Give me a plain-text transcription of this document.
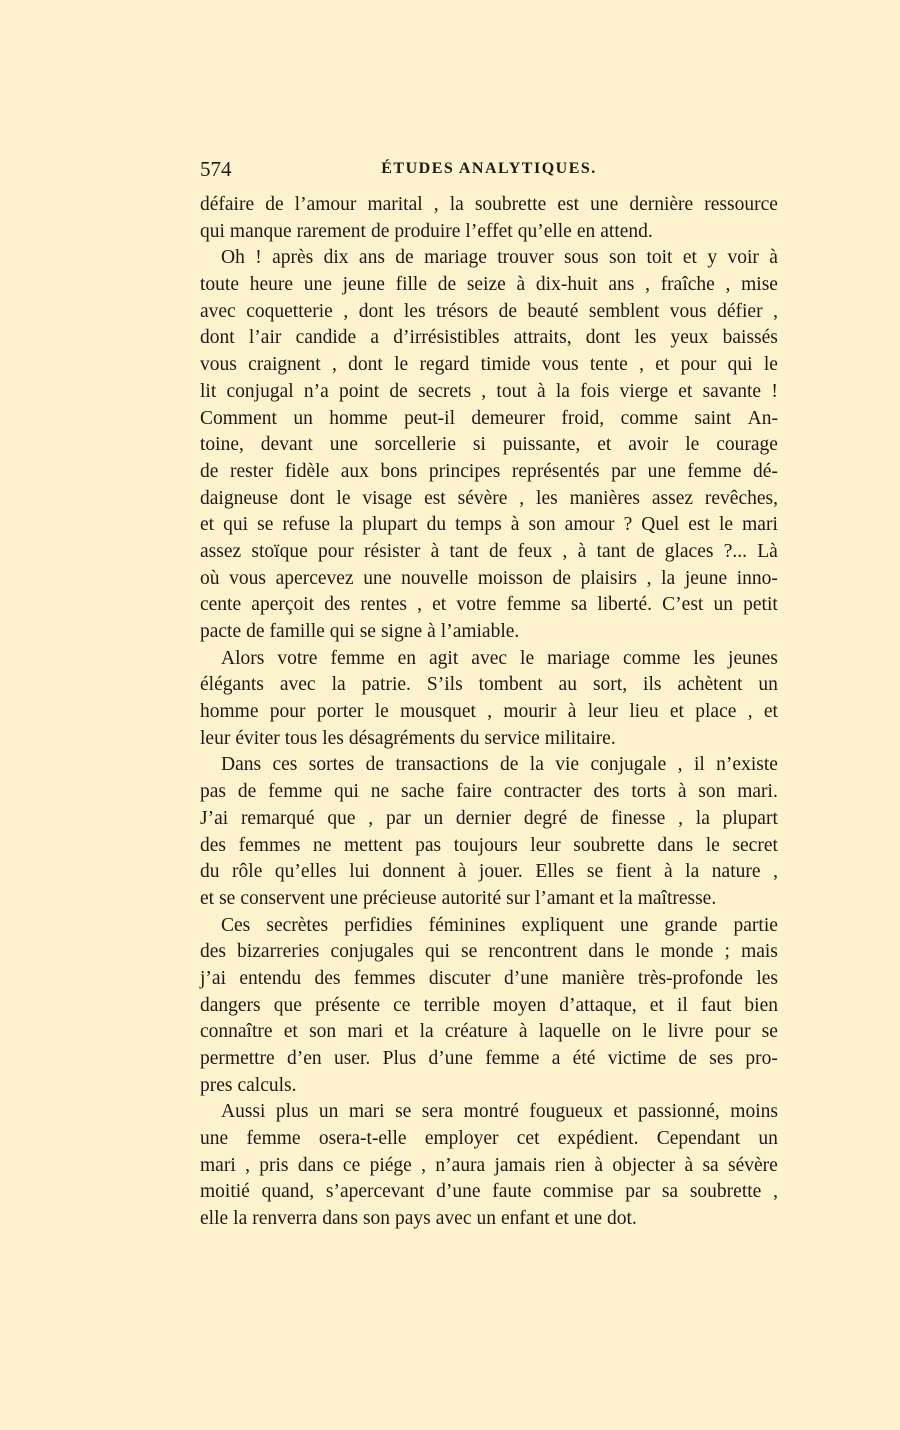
574	ÉTUDES ANALYTIQUES.
défaire de l’amour marital , la soubrette est une dernière ressource
qui manque rarement de produire l’effet qu’elle en attend.
Oh ! après dix ans de mariage trouver sous son toit et y voir à
toute heure une jeune fille de seize à dix-huit ans , fraîche , mise
avec coquetterie , dont les trésors de beauté semblent vous défier ,
dont l’air candide a d’irrésistibles attraits, dont les yeux baissés
vous craignent , dont le regard timide vous tente , et pour qui le
lit conjugal n’a point de secrets , tout à la fois vierge et savante !
Comment un homme peut-il demeurer froid, comme saint An-
toine, devant une sorcellerie si puissante, et avoir le courage
de rester fidèle aux bons principes représentés par une femme dé-
daigneuse dont le visage est sévère , les manières assez revêches,
et qui se refuse la plupart du temps à son amour ? Quel est le mari
assez stoïque pour résister à tant de feux , à tant de glaces ?... Là
où vous apercevez une nouvelle moisson de plaisirs , la jeune inno-
cente aperçoit des rentes , et votre femme sa liberté. C’est un petit
pacte de famille qui se signe à l’amiable.
Alors votre femme en agit avec le mariage comme les jeunes
élégants avec la patrie. S’ils tombent au sort, ils achètent un
homme pour porter le mousquet , mourir à leur lieu et place , et
leur éviter tous les désagréments du service militaire.
Dans ces sortes de transactions de la vie conjugale , il n’existe
pas de femme qui ne sache faire contracter des torts à son mari.
J’ai remarqué que , par un dernier degré de finesse , la plupart
des femmes ne mettent pas toujours leur soubrette dans le secret
du rôle qu’elles lui donnent à jouer. Elles se fient à la nature ,
et se conservent une précieuse autorité sur l’amant et la maîtresse.
Ces secrètes perfidies féminines expliquent une grande partie
des bizarreries conjugales qui se rencontrent dans le monde ; mais
j’ai entendu des femmes discuter d’une manière très-profonde les
dangers que présente ce terrible moyen d’attaque, et il faut bien
connaître et son mari et la créature à laquelle on le livre pour se
permettre d’en user. Plus d’une femme a été victime de ses pro-
pres calculs.
Aussi plus un mari se sera montré fougueux et passionné, moins
une femme osera-t-elle employer cet expédient. Cependant un
mari , pris dans ce piége , n’aura jamais rien à objecter à sa sévère
moitié quand, s’apercevant d’une faute commise par sa soubrette ,
elle la renverra dans son pays avec un enfant et une dot.
